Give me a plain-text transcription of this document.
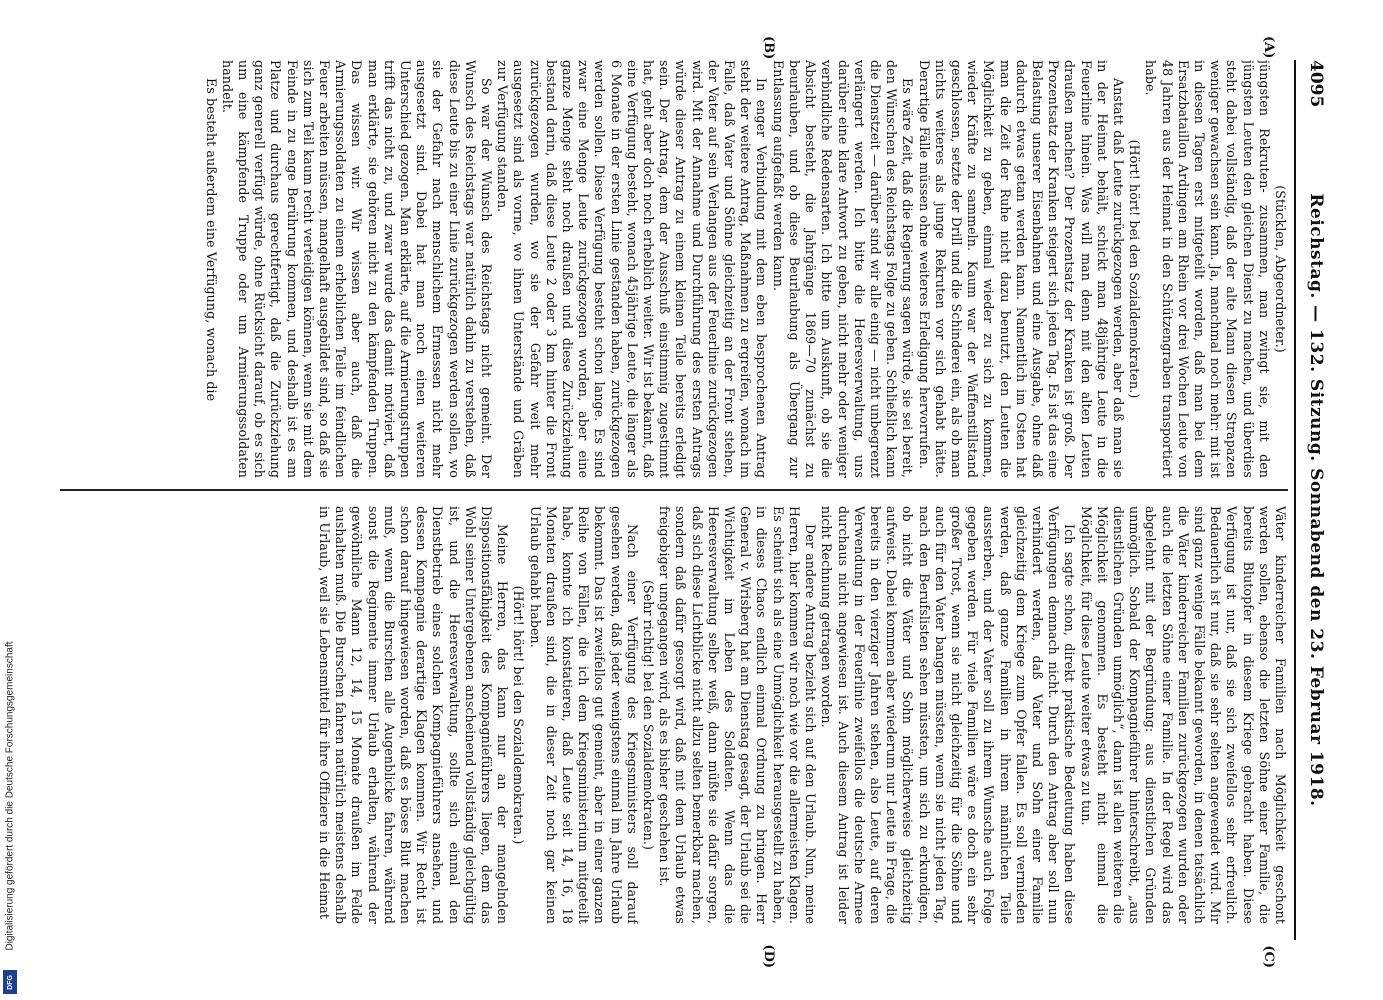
4095
Reichstag. — 132. Sitzung. Sonnabend den 23. Februar 1918.
(A)
(B)
(C)
(D)

(Stücklen, Abgeordneter.)

jüngsten Rekruten- zusammen, man zwingt sie, mit den jüngsten Leuten den gleichen Dienst zu machen, und überdies steht dabei vollständig, daß der alte Mann diesen Strapazen weniger gewachsen sein kann. Ja, manchmal noch mehr: mit ist in diesen Tagen erst mitgeteilt worden, daß man bei dem Ersatzbataillon Ardingen am Rhein vor drei Wochen Leute von 48 Jahren aus der Heimat in den Schützengraben transportiert habe.

(Hört! hört! bei den Sozialdemokraten.)

Anstatt daß Leute zurückgezogen werden, aber daß man sie in der Heimat behält, schickt man 48jährige Leute in die Feuerlinie hinein. Was will man denn mit den alten Leuten draußen machen? Der Prozentsatz der Kranken ist groß. Der Prozentsatz der Kranken steigert sich jeden Tag. Es ist das eine Belastung unserer Eisenbahnen und eine Ausgabe, ohne daß dadurch etwas getan werden kann. Namentlich im Osten hat man die Zeit der Ruhe nicht dazu benutzt, den Leuten die Möglichkeit zu geben, einmal wieder zu sich zu kommen, wieder Kräfte zu sammeln. Kaum war der Waffenstillstand geschlossen, setzte der Drill und die Schinderei ein, als ob man nichts weiteres als junge Rekruten vor sich gehabt hätte. Derartige Fälle müssen ohne weiteres Erledigung hervorrufen.

Es wäre Zeit, daß die Regierung sagen würde, sie sei bereit, den Wünschen des Reichstags Folge zu geben. Schließlich kann die Dienstzeit — darüber sind wir alle einig — nicht unbegrenzt verlängert werden. Ich bitte die Heeresverwaltung, uns darüber eine klare Antwort zu geben, nicht mehr oder weniger verbindliche Redensarten. Ich bitte um Auskunft, ob sie die Absicht besteht, die Jahrgänge 1869—70 zunächst zu beurlauben, und ob diese Beurlaubung als Übergang zur Entlassung aufgefaßt werden kann.

In enger Verbindung mit dem eben besprochenen Antrag steht der weitere Antrag, Maßnahmen zu ergreifen, wonach im Falle, daß Vater und Söhne gleichzeitig an der Front stehen, der Vater auf sein Verlangen aus der Feuerlinie zurückgezogen wird. Mit der Annahme und Durchführung des ersten Antrags würde dieser Antrag zu einem kleinen Teile bereits erledigt sein. Der Antrag, dem der Ausschuß einstimmig zugestimmt hat, geht aber doch noch erheblich weiter. Wir ist bekannt, daß eine Verfügung besteht, wonach 45jährige Leute, die länger als 6 Monate in der ersten Linie gestanden haben, zurückgezogen werden sollen. Diese Verfügung besteht schon lange. Es sind zwar eine Menge Leute zurückgezogen worden, aber eine ganze Menge steht noch draußen und diese Zurückziehung bestand darin, daß diese Leute 2 oder 3 km hinter die Front zurückgezogen wurden, wo sie der Gefahr weit mehr ausgesetzt sind als vorne, wo ihnen Unterstände und Gräben zur Verfügung standen.

So war der Wunsch des Reichstags nicht gemeint. Der Wunsch des Reichstags war natürlich dahin zu verstehen, daß diese Leute bis zu einer Linie zurückgezogen werden sollen, wo sie der Gefahr nach menschlichem Ermessen nicht mehr ausgesetzt sind. Dabei hat man noch einen weiteren Unterschied gezogen. Man erklärte, auf die Armierungstruppen trifft das nicht zu, und zwar wurde das damit motiviert, daß man erklärte, sie gehören nicht zu den kämpfenden Truppen. Das wissen wir. Wir wissen aber auch, daß die Armierungssoldaten zu einem erheblichen Teile im feindlichen Feuer arbeiten müssen, mangelhaft ausgebildet sind, so daß sie sich zum Teil kaum recht verteidigen können, wenn sie mit dem Feinde in zu enge Berührung kommen, und deshalb ist es am Platze und durchaus gerechtfertigt, daß die Zurückziehung ganz generell verfügt würde, ohne Rücksicht darauf, ob es sich um eine kämpfende Truppe oder um Armierungssoldaten handelt.

Es besteht außerdem eine Verfügung, wonach die

Väter kinderreicher Familien nach Möglichkeit geschont werden sollen, ebenso die letzten Söhne einer Familie, die bereits Blutopfer in diesem Kriege gebracht haben. Diese Verfügung ist nur, daß sie sich zweifellos sehr erfreulich. Bedauerlich ist nur, daß sie sehr selten angewendet wird. Mir sind ganz wenige Fälle bekannt geworden, in denen tatsächlich die Väter kinderreicher Familien zurückgezogen wurden oder auch die letzten Söhne einer Familie. In der Regel wird das abgelehnt mit der Begründung: aus dienstlichen Gründen unmöglich. Sobald der Kompagnieführer hinterschreibt, „aus dienstlichen Gründen unmöglich“, dann ist allen weiteren die Möglichkeit genommen. Es besteht nicht einmal die Möglichkeit, für diese Leute weiter etwas zu tun.

Ich sagte schon, direkt praktische Bedeutung haben diese Verfügungen demnach nicht. Durch den Antrag aber soll nun verhindert werden, daß Vater und Sohn einer Familie gleichzeitig dem Kriege zum Opfer fallen. Es soll vermieden werden, daß ganze Familien in ihrem männlichen Teile aussterben, und der Vater soll zu ihrem Wunsche auch Folge gegeben werden. Für viele Familien wäre es doch ein sehr großer Trost, wenn sie nicht gleichzeitig für die Söhne und auch für den Vater bangen müssten, wenn sie nicht jeden Tag, nach den Berufslisten sehen müssten, um sich zu erkundigen, ob nicht die Väter und Sohn möglicherweise gleichzeitig aufweist. Dabei kommen aber wiederum nur Leute in Frage, die bereits in den vierziger Jahren stehen, also Leute, auf deren Verwendung in der Feuerlinie zweifellos die deutsche Armee durchaus nicht angewiesen ist. Auch diesem Antrag ist leider nicht Rechnung getragen worden.

Der andere Antrag bezieht sich auf den Urlaub. Nun, meine Herren, hier kommen wir noch wie vor die allermeisten Klagen. Es scheint sich als eine Unmöglichkeit herausgestellt zu haben, in dieses Chaos endlich einmal Ordnung zu bringen. Herr General v. Wrisberg hat am Dienstag gesagt, der Urlaub sei die Wichtigkeit im Leben des Soldaten. Wenn das die Heeresverwaltung selber weiß, dann müßte sie dafür sorgen, daß sich diese Lichtblicke nicht allzu selten bemerkbar machen, sondern daß dafür gesorgt wird, daß mit dem Urlaub etwas freigebiger umgegangen wird, als es bisher geschehen ist.

(Sehr richtig! bei den Sozialdemokraten.)

Nach einer Verfügung des Kriegsministers soll darauf gesehen werden, daß jeder wenigstens einmal im Jahre Urlaub bekommt. Das ist zweifellos gut gemeint, aber in einer ganzen Reihe von Fällen, die ich dem Kriegsministerium mitgeteilt habe, konnte ich konstatieren, daß Leute seit 14, 16, 18 Monaten draußen sind, die in dieser Zeit noch gar keinen Urlaub gehabt haben.

(Hört! hört! bei den Sozialdemokraten.)

Meine Herren, das kann nur an der mangelnden Dispositionsfähigkeit des Kompagnieführers liegen, dem das Wohl seiner Untergebenen anscheinend vollständig gleichgültig ist, und die Heeresverwaltung, sollte sich einmal den Dienstbetrieb eines solchen Kompagnieführers ansehen, und dessen Kompagnie derartige Klagen kommen. Wir Recht ist schon darauf hingewiesen worden, daß es böses Blut machen muß, wenn die Burschen alle Augenblicke fahren, während sonst die Regimente immer Urlaub erhalten, während der gewöhnliche Mann 12, 14, 15 Monate draußen im Felde aushalten muß. Die Burschen fahren natürlich meistens deshalb in Urlaub, weil sie Lebensmittel für ihre Offiziere in die Heimat

Digitalisierung gefördert durch die Deutsche Forschungsgemeinschaft
DFG
